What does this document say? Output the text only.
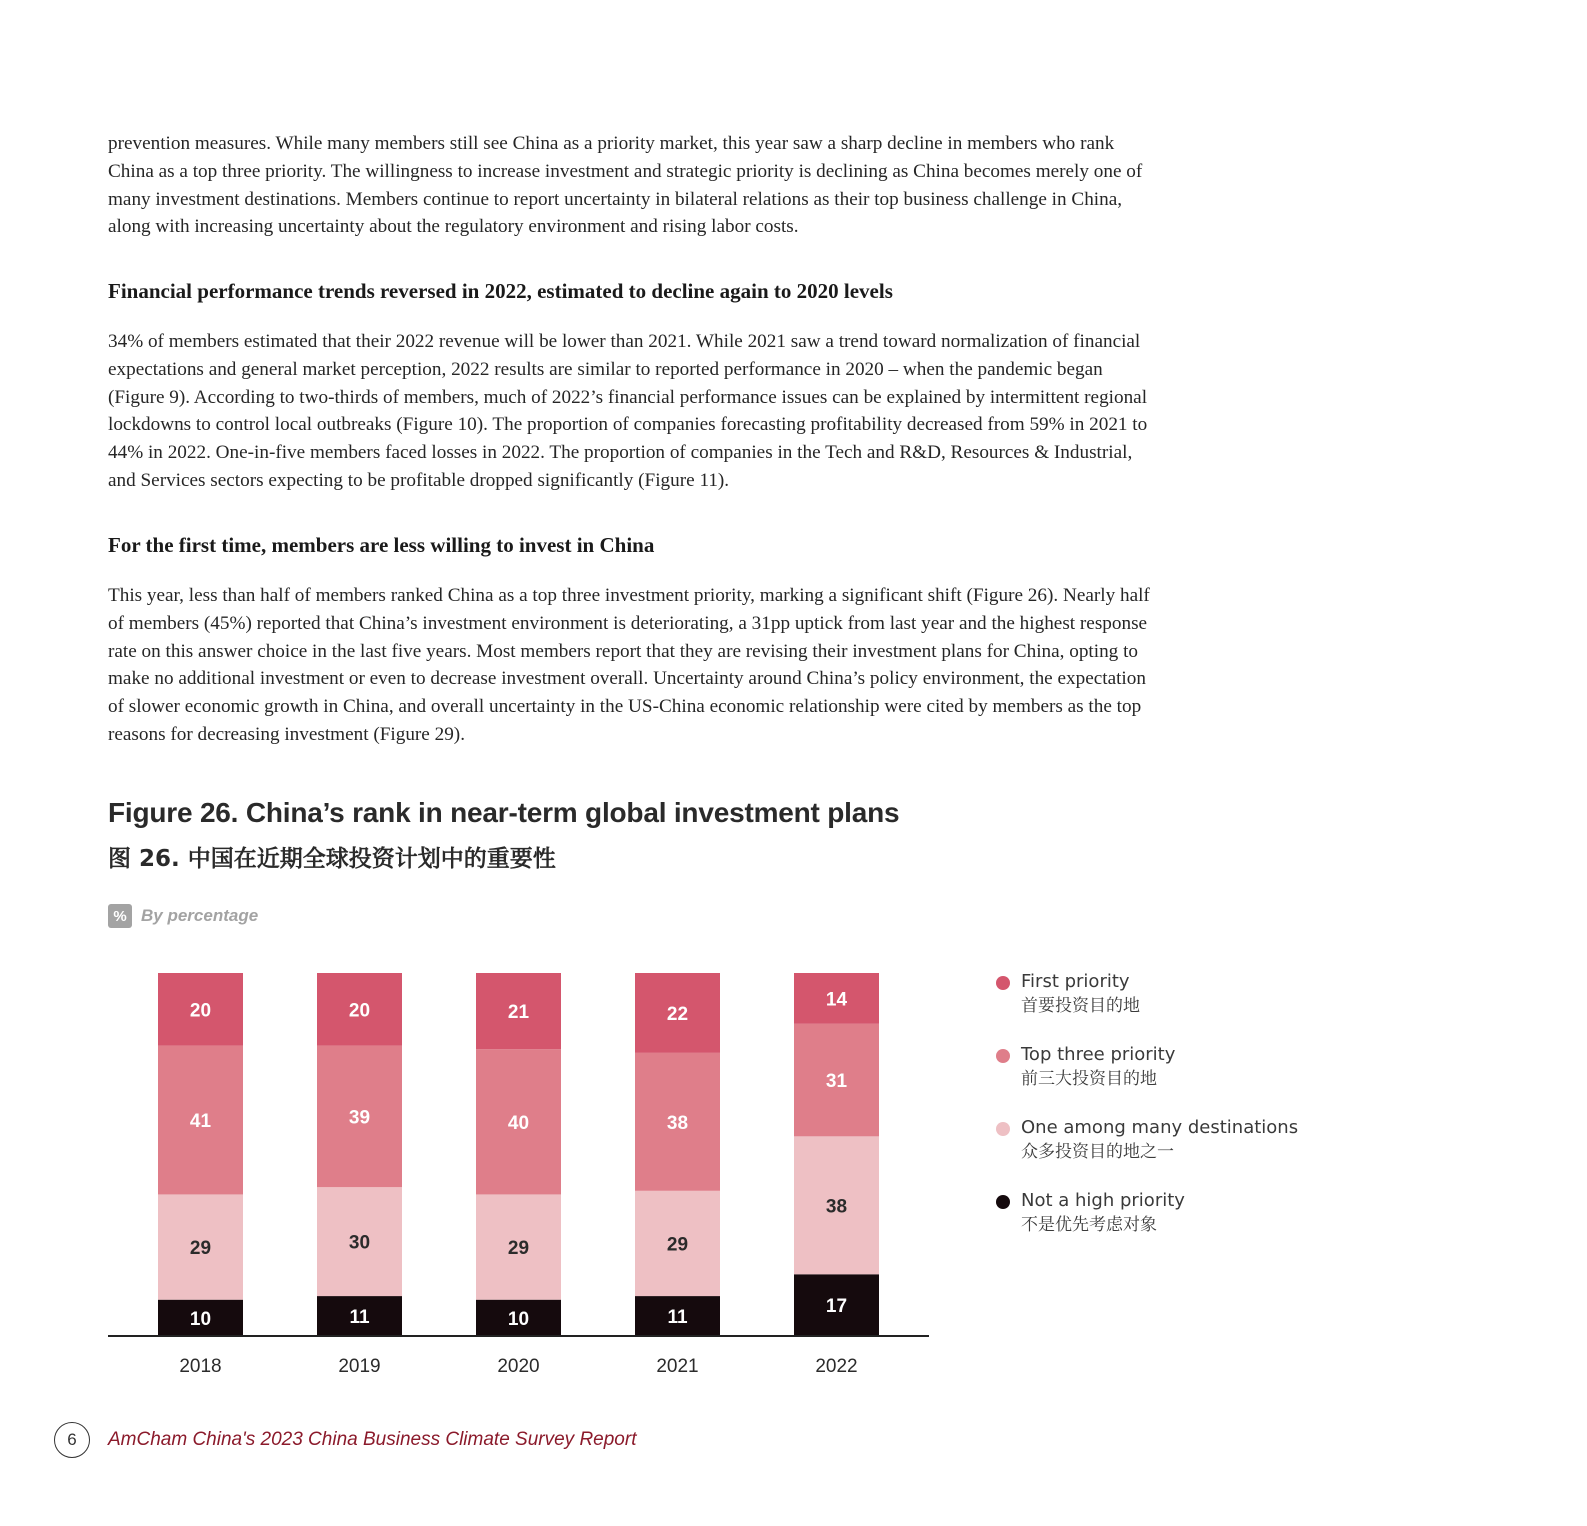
prevention measures. While many members still see China as a priority market, this year saw a sharp decline in members who rank China as a top three priority. The willingness to increase investment and strategic priority is declining as China becomes merely one of many investment destinations. Members continue to report uncertainty in bilateral relations as their top business challenge in China, along with increasing uncertainty about the regulatory environment and rising labor costs.

Financial performance trends reversed in 2022, estimated to decline again to 2020 levels

34% of members estimated that their 2022 revenue will be lower than 2021. While 2021 saw a trend toward normalization of financial expectations and general market perception, 2022 results are similar to reported performance in 2020 – when the pandemic began (Figure 9). According to two-thirds of members, much of 2022’s financial performance issues can be explained by intermittent regional lockdowns to control local outbreaks (Figure 10). The proportion of companies forecasting profitability decreased from 59% in 2021 to 44% in 2022. One-in-five members faced losses in 2022. The proportion of companies in the Tech and R&D, Resources & Industrial, and Services sectors expecting to be profitable dropped significantly (Figure 11).

For the first time, members are less willing to invest in China

This year, less than half of members ranked China as a top three investment priority, marking a significant shift (Figure 26). Nearly half of members (45%) reported that China’s investment environment is deteriorating, a 31pp uptick from last year and the highest response rate on this answer choice in the last five years. Most members report that they are revising their investment plans for China, opting to make no additional investment or even to decrease investment overall. Uncertainty around China’s policy environment, the expectation of slower economic growth in China, and overall uncertainty in the US-China economic relationship were cited by members as the top reasons for decreasing investment (Figure 29).

Figure 26. China’s rank in near-term global investment plans
图 26. 中国在近期全球投资计划中的重要性
% By percentage
10
29
41
20
2018
11
30
39
20
2019
10
29
40
21
2020
11
29
38
22
2021
17
38
31
14
2022
First priority
首要投资目的地
Top three priority
前三大投资目的地
One among many destinations
众多投资目的地之一
Not a high priority
不是优先考虑对象
6	AmCham China's 2023 China Business Climate Survey Report
